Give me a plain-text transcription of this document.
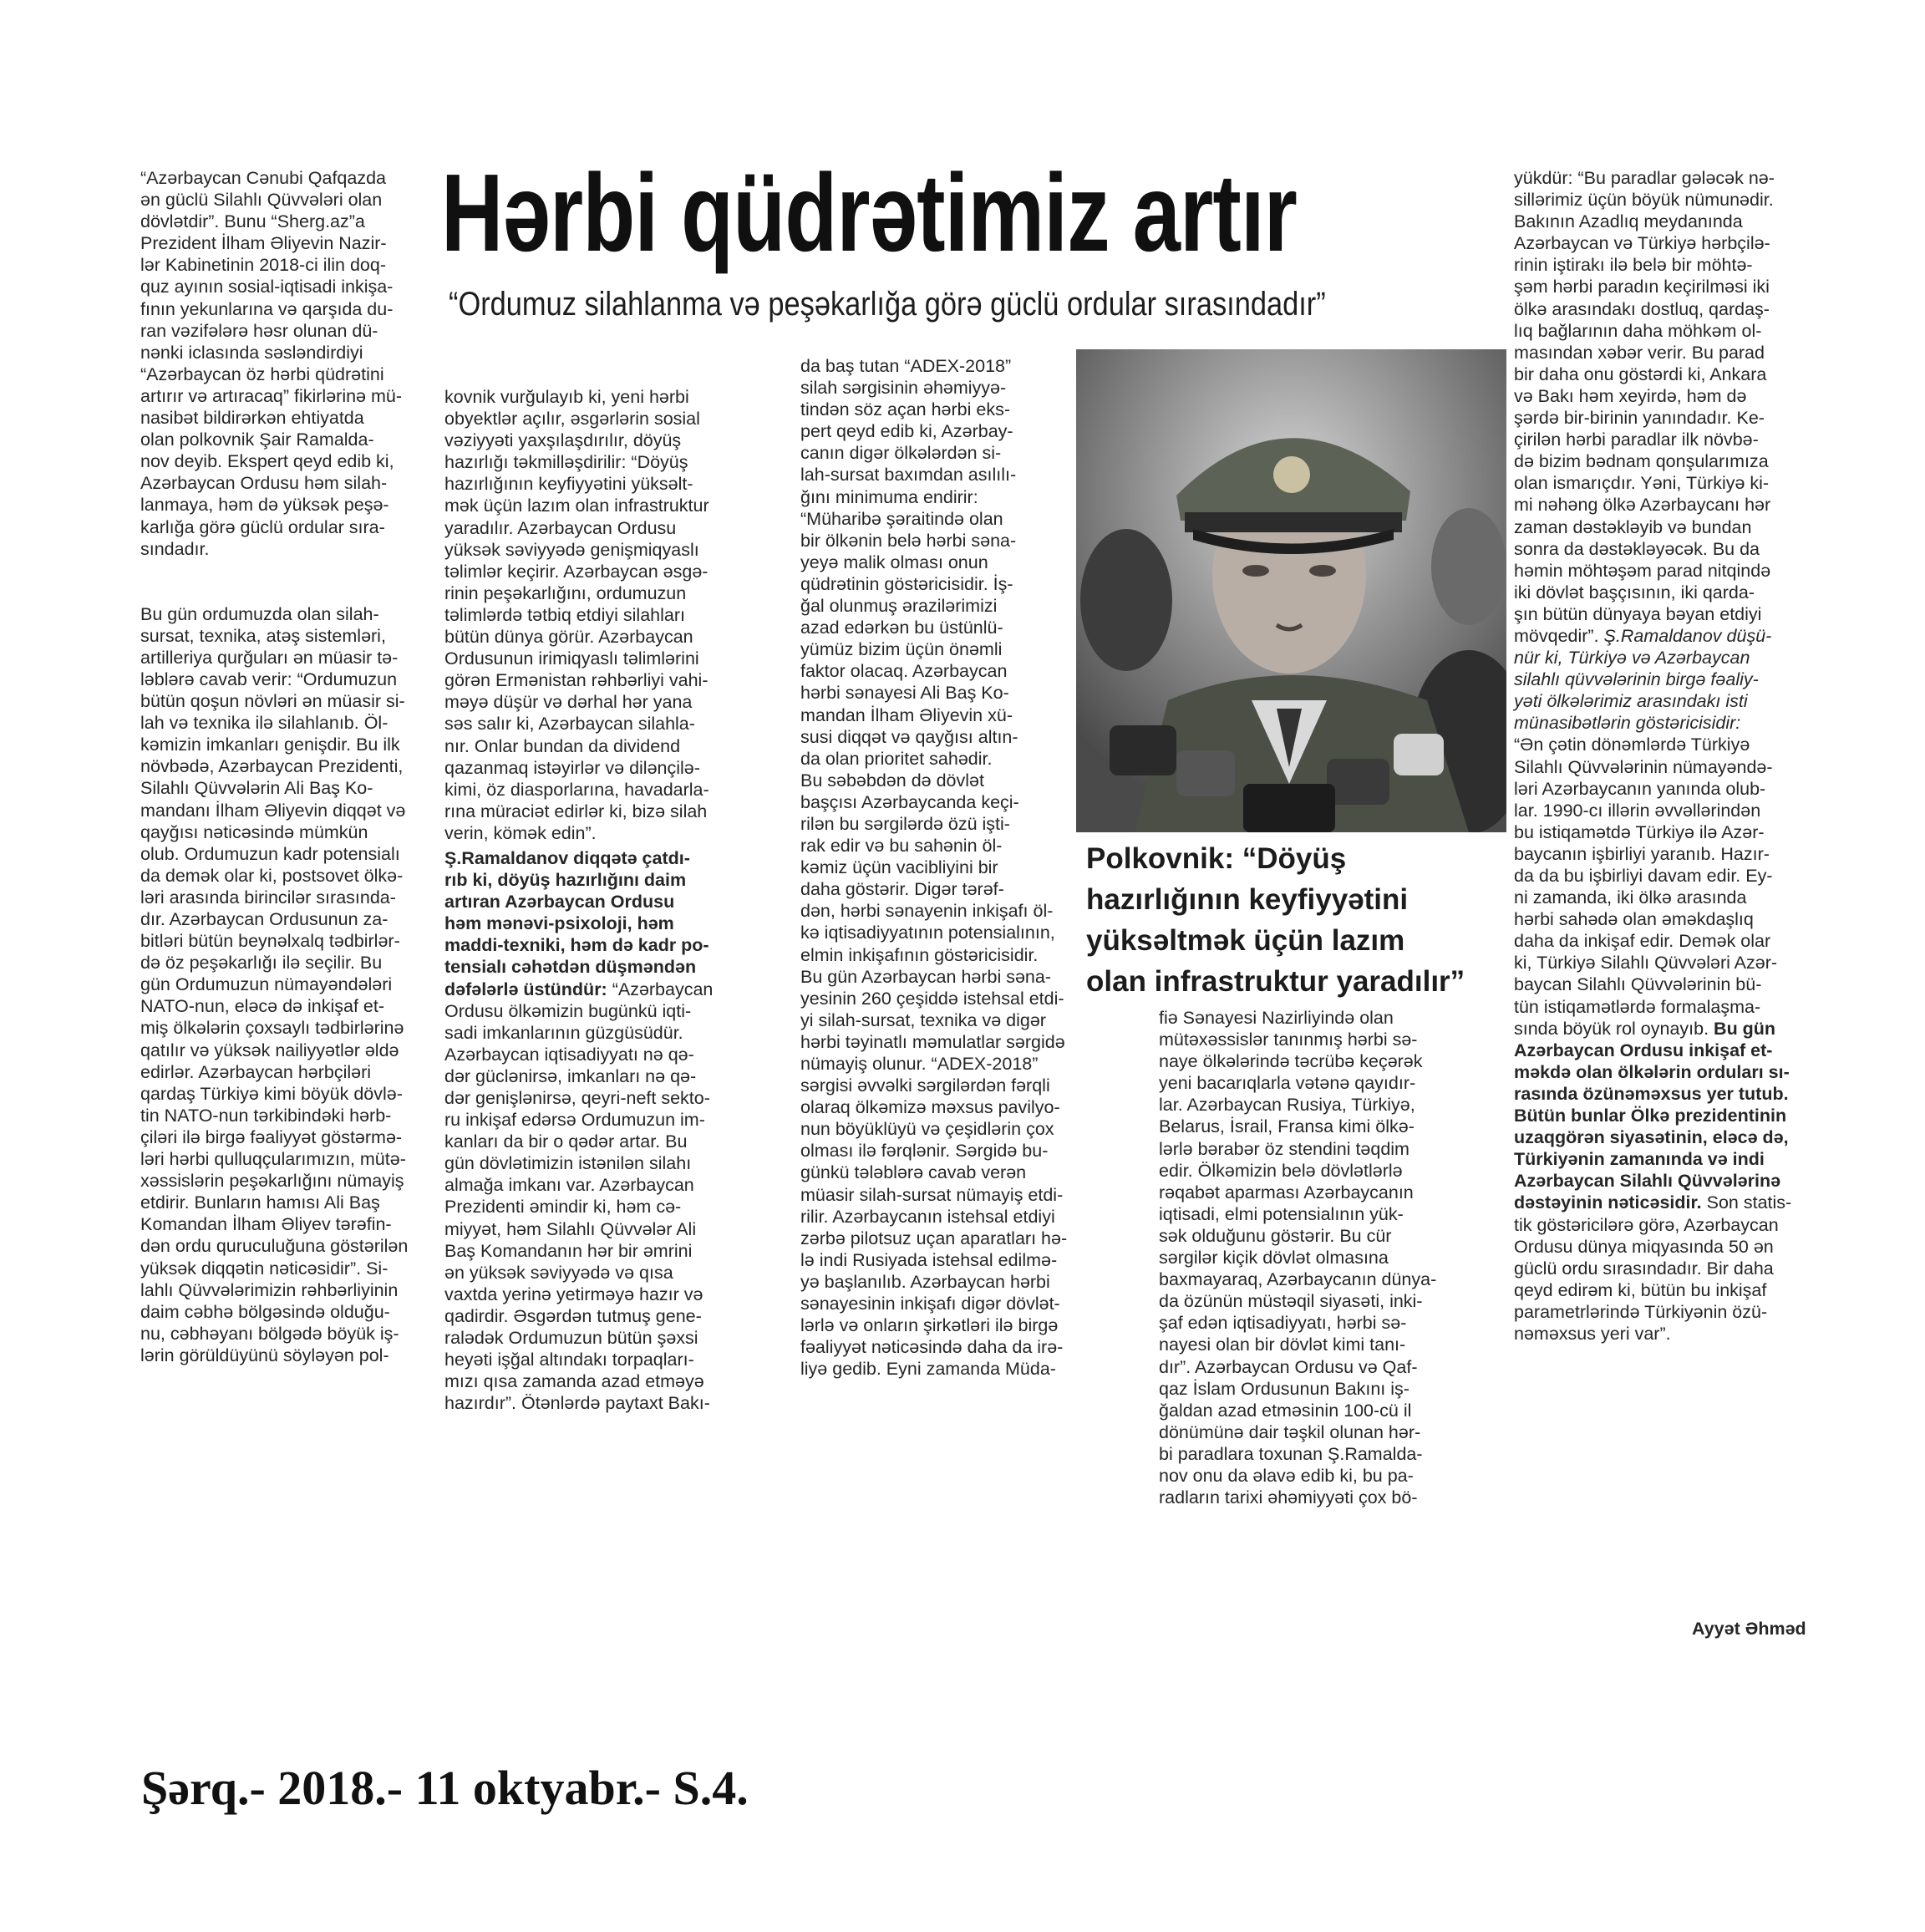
Hərbi qüdrətimiz artır
“Ordumuz silahlanma və peşəkarlığa görə güclü ordular sırasındadır”

“Azərbaycan Cənubi Qafqazda

ən güclü Silahlı Qüvvələri olan

dövlətdir”. Bunu “Sherg.az”a

Prezident İlham Əliyevin Nazir-

lər Kabinetinin 2018-ci ilin doq-

quz ayının sosial-iqtisadi inkişa-

fının yekunlarına və qarşıda du-

ran vəzifələrə həsr olunan dü-

nənki iclasında səsləndirdiyi

“Azərbaycan öz hərbi qüdrətini

artırır və artıracaq” fikirlərinə mü-

nasibət bildirərkən ehtiyatda

olan polkovnik Şair Ramalda-

nov deyib. Ekspert qeyd edib ki,

Azərbaycan Ordusu həm silah-

lanmaya, həm də yüksək peşə-

karlığa görə güclü ordular sıra-

sındadır.

Bu gün ordumuzda olan silah-

sursat, texnika, atəş sistemləri,

artilleriya qurğuları ən müasir tə-

ləblərə cavab verir: “Ordumuzun

bütün qoşun növləri ən müasir si-

lah və texnika ilə silahlanıb. Öl-

kəmizin imkanları genişdir. Bu ilk

növbədə, Azərbaycan Prezidenti,

Silahlı Qüvvələrin Ali Baş Ko-

mandanı İlham Əliyevin diqqət və

qayğısı nəticəsində mümkün

olub. Ordumuzun kadr potensialı

da demək olar ki, postsovet ölkə-

ləri arasında birincilər sırasında-

dır. Azərbaycan Ordusunun za-

bitləri bütün beynəlxalq tədbirlər-

də öz peşəkarlığı ilə seçilir. Bu

gün Ordumuzun nümayəndələri

NATO-nun, eləcə də inkişaf et-

miş ölkələrin çoxsaylı tədbirlərinə

qatılır və yüksək nailiyyətlər əldə

edirlər. Azərbaycan hərbçiləri

qardaş Türkiyə kimi böyük dövlə-

tin NATO-nun tərkibindəki hərb-

çiləri ilə birgə fəaliyyət göstərmə-

ləri hərbi qulluqçularımızın, mütə-

xəssislərin peşəkarlığını nümayiş

etdirir. Bunların hamısı Ali Baş

Komandan İlham Əliyev tərəfin-

dən ordu quruculuğuna göstərilən

yüksək diqqətin nəticəsidir”. Si-

lahlı Qüvvələrimizin rəhbərliyinin

daim cəbhə bölgəsində olduğu-

nu, cəbhəyanı bölgədə böyük iş-

lərin görüldüyünü söyləyən pol-

kovnik vurğulayıb ki, yeni hərbi

obyektlər açılır, əsgərlərin sosial

vəziyyəti yaxşılaşdırılır, döyüş

hazırlığı təkmilləşdirilir: “Döyüş

hazırlığının keyfiyyətini yüksəlt-

mək üçün lazım olan infrastruktur

yaradılır. Azərbaycan Ordusu

yüksək səviyyədə genişmiqyaslı

təlimlər keçirir. Azərbaycan əsgə-

rinin peşəkarlığını, ordumuzun

təlimlərdə tətbiq etdiyi silahları

bütün dünya görür. Azərbaycan

Ordusunun irimiqyaslı təlimlərini

görən Ermənistan rəhbərliyi vahi-

məyə düşür və dərhal hər yana

səs salır ki, Azərbaycan silahla-

nır. Onlar bundan da dividend

qazanmaq istəyirlər və dilənçilə-

kimi, öz diasporlarına, havadarla-

rına müraciət edirlər ki, bizə silah

verin, kömək edin”.

Ş.Ramaldanov diqqətə çatdı-

rıb ki, döyüş hazırlığını daim

artıran Azərbaycan Ordusu

həm mənəvi-psixoloji, həm

maddi-texniki, həm də kadr po-

tensialı cəhətdən düşməndən

dəfələrlə üstündür: “Azərbaycan

Ordusu ölkəmizin bugünkü iqti-

sadi imkanlarının güzgüsüdür.

Azərbaycan iqtisadiyyatı nə qə-

dər güclənirsə, imkanları nə qə-

dər genişlənirsə, qeyri-neft sekto-

ru inkişaf edərsə Ordumuzun im-

kanları da bir o qədər artar. Bu

gün dövlətimizin istənilən silahı

almağa imkanı var. Azərbaycan

Prezidenti əmindir ki, həm cə-

miyyət, həm Silahlı Qüvvələr Ali

Baş Komandanın hər bir əmrini

ən yüksək səviyyədə və qısa

vaxtda yerinə yetirməyə hazır və

qadirdir. Əsgərdən tutmuş gene-

ralədək Ordumuzun bütün şəxsi

heyəti işğal altındakı torpaqları-

mızı qısa zamanda azad etməyə

hazırdır”. Ötənlərdə paytaxt Bakı-

da baş tutan “ADEX-2018”

silah sərgisinin əhəmiyyə-

tindən söz açan hərbi eks-

pert qeyd edib ki, Azərbay-

canın digər ölkələrdən si-

lah-sursat baxımdan asılılı-

ğını minimuma endirir:

“Müharibə şəraitində olan

bir ölkənin belə hərbi səna-

yeyə malik olması onun

qüdrətinin göstəricisidir. İş-

ğal olunmuş ərazilərimizi

azad edərkən bu üstünlü-

yümüz bizim üçün önəmli

faktor olacaq. Azərbaycan

hərbi sənayesi Ali Baş Ko-

mandan İlham Əliyevin xü-

susi diqqət və qayğısı altın-

da olan prioritet sahədir.

Bu səbəbdən də dövlət

başçısı Azərbaycanda keçi-

rilən bu sərgilərdə özü işti-

rak edir və bu sahənin öl-

kəmiz üçün vacibliyini bir

daha göstərir. Digər tərəf-

dən, hərbi sənayenin inkişafı öl-

kə iqtisadiyyatının potensialının,

elmin inkişafının göstəricisidir.

Bu gün Azərbaycan hərbi səna-

yesinin 260 çeşiddə istehsal etdi-

yi silah-sursat, texnika və digər

hərbi təyinatlı məmulatlar sərgidə

nümayiş olunur. “ADEX-2018”

sərgisi əvvəlki sərgilərdən fərqli

olaraq ölkəmizə məxsus pavilyo-

nun böyüklüyü və çeşidlərin çox

olması ilə fərqlənir. Sərgidə bu-

günkü tələblərə cavab verən

müasir silah-sursat nümayiş etdi-

rilir. Azərbaycanın istehsal etdiyi

zərbə pilotsuz uçan aparatları hə-

lə indi Rusiyada istehsal edilmə-

yə başlanılıb. Azərbaycan hərbi

sənayesinin inkişafı digər dövlət-

lərlə və onların şirkətləri ilə birgə

fəaliyyət nəticəsində daha da irə-

liyə gedib. Eyni zamanda Müda-

Polkovnik: “Döyüş
hazırlığının keyfiyyətini
yüksəltmək üçün lazım
olan infrastruktur yaradılır”

fiə Sənayesi Nazirliyində olan

mütəxəssislər tanınmış hərbi sə-

naye ölkələrində təcrübə keçərək

yeni bacarıqlarla vətənə qayıdır-

lar. Azərbaycan Rusiya, Türkiyə,

Belarus, İsrail, Fransa kimi ölkə-

lərlə bərabər öz stendini təqdim

edir. Ölkəmizin belə dövlətlərlə

rəqabət aparması Azərbaycanın

iqtisadi, elmi potensialının yük-

sək olduğunu göstərir. Bu cür

sərgilər kiçik dövlət olmasına

baxmayaraq, Azərbaycanın dünya-

da özünün müstəqil siyasəti, inki-

şaf edən iqtisadiyyatı, hərbi sə-

nayesi olan bir dövlət kimi tanı-

dır”. Azərbaycan Ordusu və Qaf-

qaz İslam Ordusunun Bakını iş-

ğaldan azad etməsinin 100-cü il

dönümünə dair təşkil olunan hər-

bi paradlara toxunan Ş.Ramalda-

nov onu da əlavə edib ki, bu pa-

radların tarixi əhəmiyyəti çox bö-

yükdür: “Bu paradlar gələcək nə-

sillərimiz üçün böyük nümunədir.

Bakının Azadlıq meydanında

Azərbaycan və Türkiyə hərbçilə-

rinin iştirakı ilə belə bir möhtə-

şəm hərbi paradın keçirilməsi iki

ölkə arasındakı dostluq, qardaş-

lıq bağlarının daha möhkəm ol-

masından xəbər verir. Bu parad

bir daha onu göstərdi ki, Ankara

və Bakı həm xeyirdə, həm də

şərdə bir-birinin yanındadır. Ke-

çirilən hərbi paradlar ilk növbə-

də bizim bədnam qonşularımıza

olan ismarıçdır. Yəni, Türkiyə ki-

mi nəhəng ölkə Azərbaycanı hər

zaman dəstəkləyib və bundan

sonra da dəstəkləyəcək. Bu da

həmin möhtəşəm parad nitqində

iki dövlət başçısının, iki qarda-

şın bütün dünyaya bəyan etdiyi

mövqedir”. Ş.Ramaldanov düşü-

nür ki, Türkiyə və Azərbaycan

silahlı qüvvələrinin birgə fəaliy-

yəti ölkələrimiz arasındakı isti

münasibətlərin göstəricisidir:

“Ən çətin dönəmlərdə Türkiyə

Silahlı Qüvvələrinin nümayəndə-

ləri Azərbaycanın yanında olub-

lar. 1990-cı illərin əvvəllərindən

bu istiqamətdə Türkiyə ilə Azər-

baycanın işbirliyi yaranıb. Hazır-

da da bu işbirliyi davam edir. Ey-

ni zamanda, iki ölkə arasında

hərbi sahədə olan əməkdaşlıq

daha da inkişaf edir. Demək olar

ki, Türkiyə Silahlı Qüvvələri Azər-

baycan Silahlı Qüvvələrinin bü-

tün istiqamətlərdə formalaşma-

sında böyük rol oynayıb. Bu gün

Azərbaycan Ordusu inkişaf et-

məkdə olan ölkələrin orduları sı-

rasında özünəməxsus yer tutub.

Bütün bunlar Ölkə prezidentinin

uzaqgörən siyasətinin, eləcə də,

Türkiyənin zamanında və indi

Azərbaycan Silahlı Qüvvələrinə

dəstəyinin nəticəsidir. Son statis-

tik göstəricilərə görə, Azərbaycan

Ordusu dünya miqyasında 50 ən

güclü ordu sırasındadır. Bir daha

qeyd edirəm ki, bütün bu inkişaf

parametrlərində Türkiyənin özü-

nəməxsus yeri var”.

Ayyət Əhməd
Şərq.- 2018.- 11 oktyabr.- S.4.
